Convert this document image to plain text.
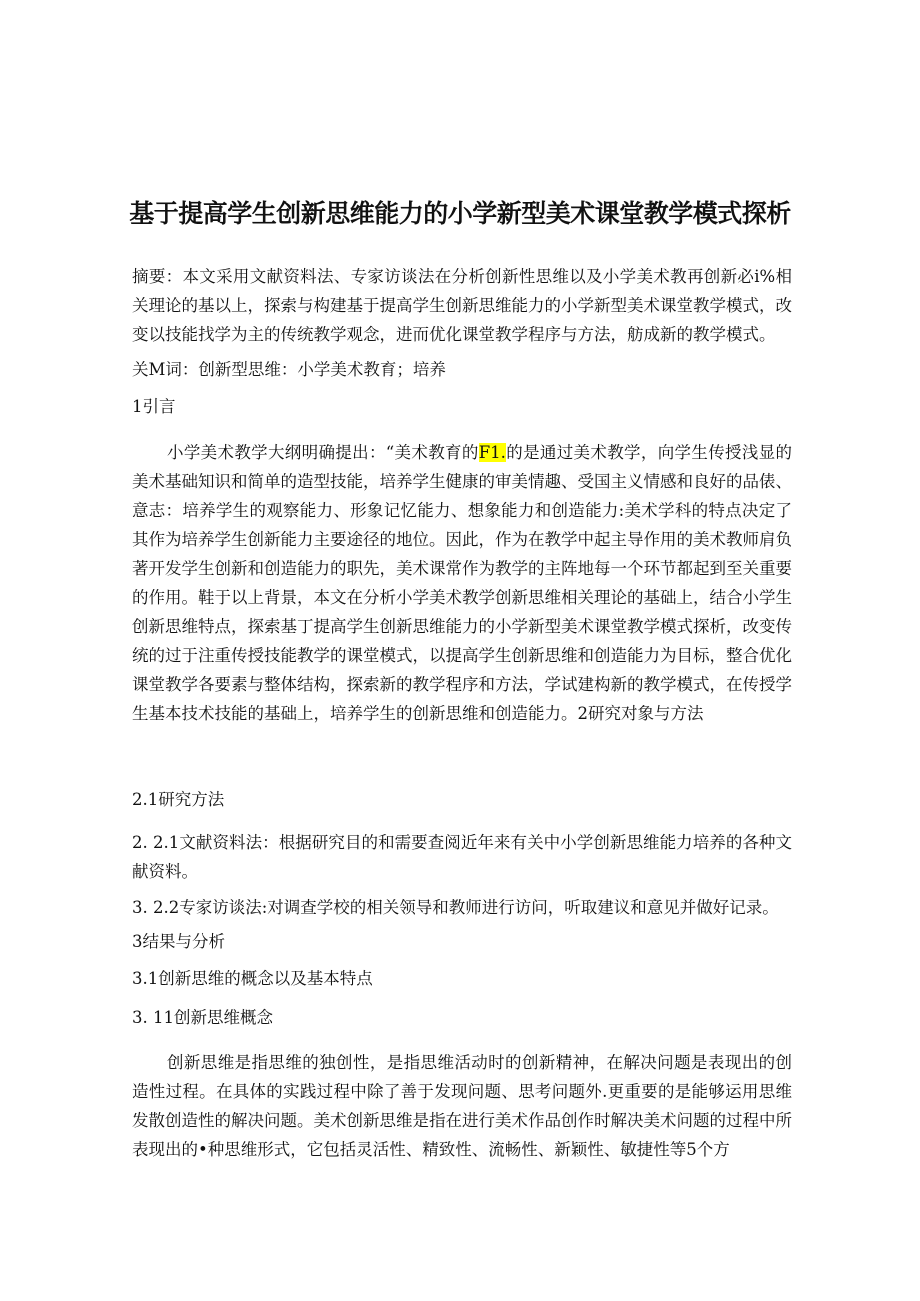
基于提高学生创新思维能力的小学新型美术课堂教学模式探析
摘要：本文采用文献资料法、专家访谈法在分析创新性思维以及小学美术教再创新必i%相关理论的基以上，探索与构建基于提高学生创新思维能力的小学新型美术课堂教学模式，改变以技能找学为主的传统教学观念，进而优化课堂教学程序与方法，舫成新的教学模式。
关M词：创新型思维：小学美术教育；培养
1引言
小学美术教学大纲明确提出：“美术教育的F1.的是通过美术教学，向学生传授浅显的美术基础知识和简单的造型技能，培养学生健康的审美情趣、受国主义情感和良好的品俵、意志：培养学生的观察能力、形象记忆能力、想象能力和创造能力:美术学科的特点决定了其作为培养学生创新能力主要途径的地位。因此，作为在教学中起主导作用的美术教师肩负著开发学生创新和创造能力的职先，美术课常作为教学的主阵地每一个环节都起到至关重要的作用。鞋于以上背景，本文在分析小学美术教学创新思维相关理论的基础上，结合小学生创新思维特点，探索基丁提高学生创新思维能力的小学新型美术课堂教学模式探析，改变传统的过于注重传授技能教学的课堂模式，以提高学生创新思维和创造能力为目标，整合优化课堂教学各要素与整体结构，探索新的教学程序和方法，学试建构新的教学模式，在传授学生基本技术技能的基础上，培养学生的创新思维和创造能力。2研究对象与方法
2.1研究方法
2. 2.1文献资料法：根据研究目的和需要查阅近年来有关中小学创新思维能力培养的各种文献资料。
3. 2.2专家访谈法:对调查学校的相关领导和教师进行访问，听取建议和意见并做好记录。
3结果与分析
3.1创新思维的概念以及基本特点
3. 11创新思维概念
创新思维是指思维的独创性，是指思维活动时的创新精神，在解决问题是表现出的创造性过程。在具体的实践过程中除了善于发现问题、思考问题外.更重要的是能够运用思维发散创造性的解决问题。美术创新思维是指在进行美术作品创作时解决美术问题的过程中所表现出的•种思维形式，它包括灵活性、精致性、流畅性、新颖性、敏捷性等5个方
